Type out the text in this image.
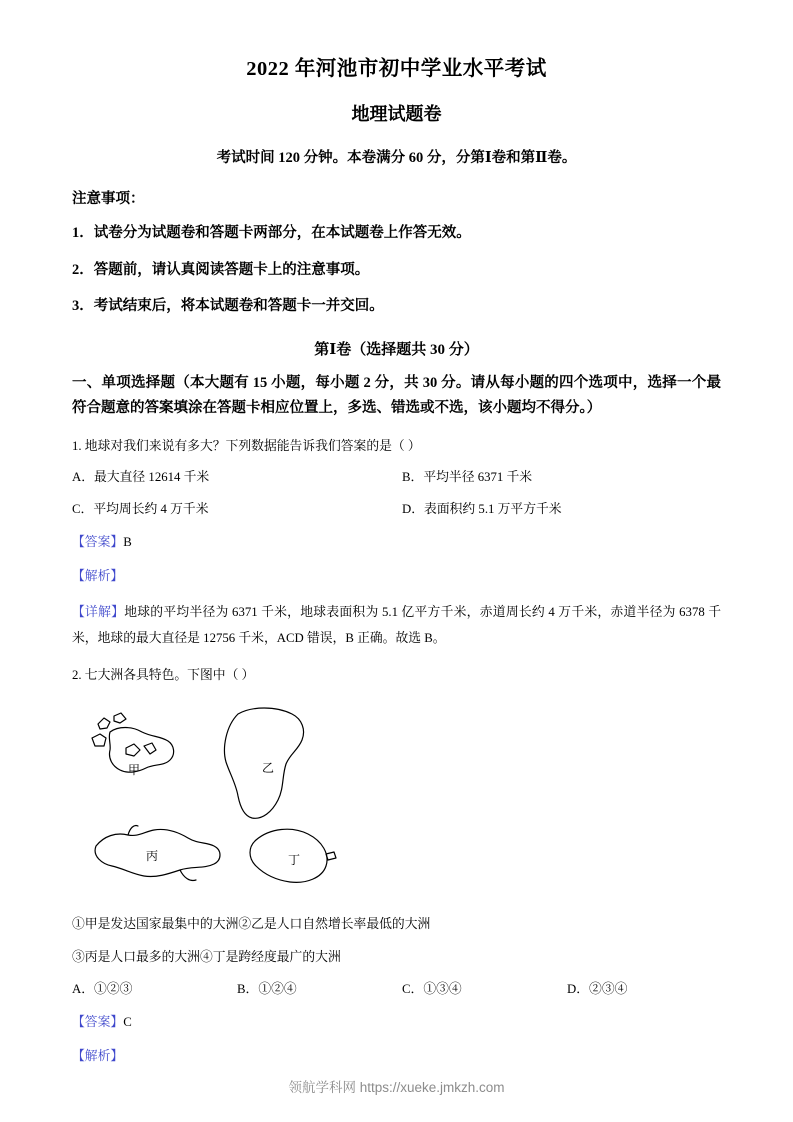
2022 年河池市初中学业水平考试
地理试题卷
考试时间 120 分钟。本卷满分 60 分，分第Ⅰ卷和第Ⅱ卷。
注意事项：
1．试卷分为试题卷和答题卡两部分，在本试题卷上作答无效。
2．答题前，请认真阅读答题卡上的注意事项。
3．考试结束后，将本试题卷和答题卡一并交回。
第Ⅰ卷（选择题共 30 分）
一、单项选择题（本大题有 15 小题，每小题 2 分，共 30 分。请从每小题的四个选项中，选择一个最符合题意的答案填涂在答题卡相应位置上，多选、错选或不选，该小题均不得分。）
1. 地球对我们来说有多大？下列数据能告诉我们答案的是（ ）
A．最大直径 12614 千米	B．平均半径 6371 千米
C．平均周长约 4 万千米	D．表面积约 5.1 万平方千米
【答案】B
【解析】
【详解】地球的平均半径为 6371 千米，地球表面积为 5.1 亿平方千米，赤道周长约 4 万千米，赤道半径为 6378 千米，地球的最大直径是 12756 千米，ACD 错误，B 正确。故选 B。
2. 七大洲各具特色。下图中（ ）
甲	乙
丙	丁
①甲是发达国家最集中的大洲②乙是人口自然增长率最低的大洲
③丙是人口最多的大洲④丁是跨经度最广的大洲
A．①②③	B．①②④	C．①③④	D．②③④
【答案】C
【解析】
领航学科网 https://xueke.jmkzh.com
